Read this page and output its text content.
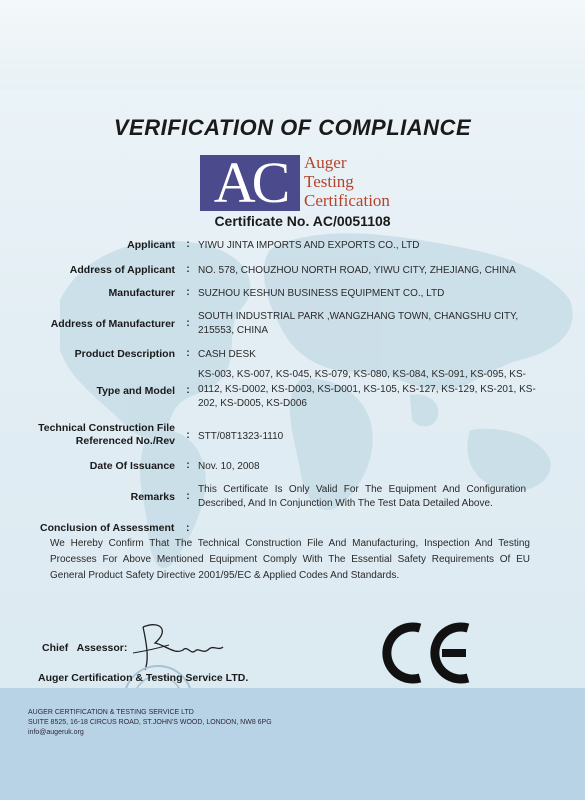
VERIFICATION OF COMPLIANCE
AC	Auger
Testing
Certification
Certificate No. AC/0051108
Applicant : YIWU JINTA IMPORTS AND EXPORTS CO., LTD
Address of Applicant : NO. 578, CHOUZHOU NORTH ROAD, YIWU CITY, ZHEJIANG, CHINA
Manufacturer : SUZHOU KESHUN BUSINESS EQUIPMENT CO., LTD
Address of Manufacturer :
SOUTH INDUSTRIAL PARK ,WANGZHANG TOWN, CHANGSHU CITY, 215553, CHINA
Product Description : CASH DESK
Type and Model :
KS-003, KS-007, KS-045, KS-079, KS-080, KS-084, KS-091, KS-095, KS-0112, KS-D002, KS-D003, KS-D001, KS-105, KS-127, KS-129, KS-201, KS-202, KS-D005, KS-D006
Technical Construction File
Referenced No./Rev : STT/08T1323-1110
Date Of Issuance : Nov. 10, 2008
Remarks :
This Certificate Is Only Valid For The Equipment And Configuration Described, And In Conjunction With The Test Data Detailed Above.
Conclusion of Assessment :
We Hereby Confirm That The Technical Construction File And Manufacturing, Inspection And Testing Processes For Above Mentioned Equipment Comply With The Essential Safety Requirements Of EU General Product Safety Directive 2001/95/EC & Applied Codes And Standards.
Chief   Assessor:
Auger Certification & Testing Service LTD.
AUGER CERTIFICATION & TESTING SERVICE LTD
SUITE 8525, 16-18 CIRCUS ROAD, ST.JOHN'S WOOD, LONDON, NW8 6PG
info@augeruk.org
